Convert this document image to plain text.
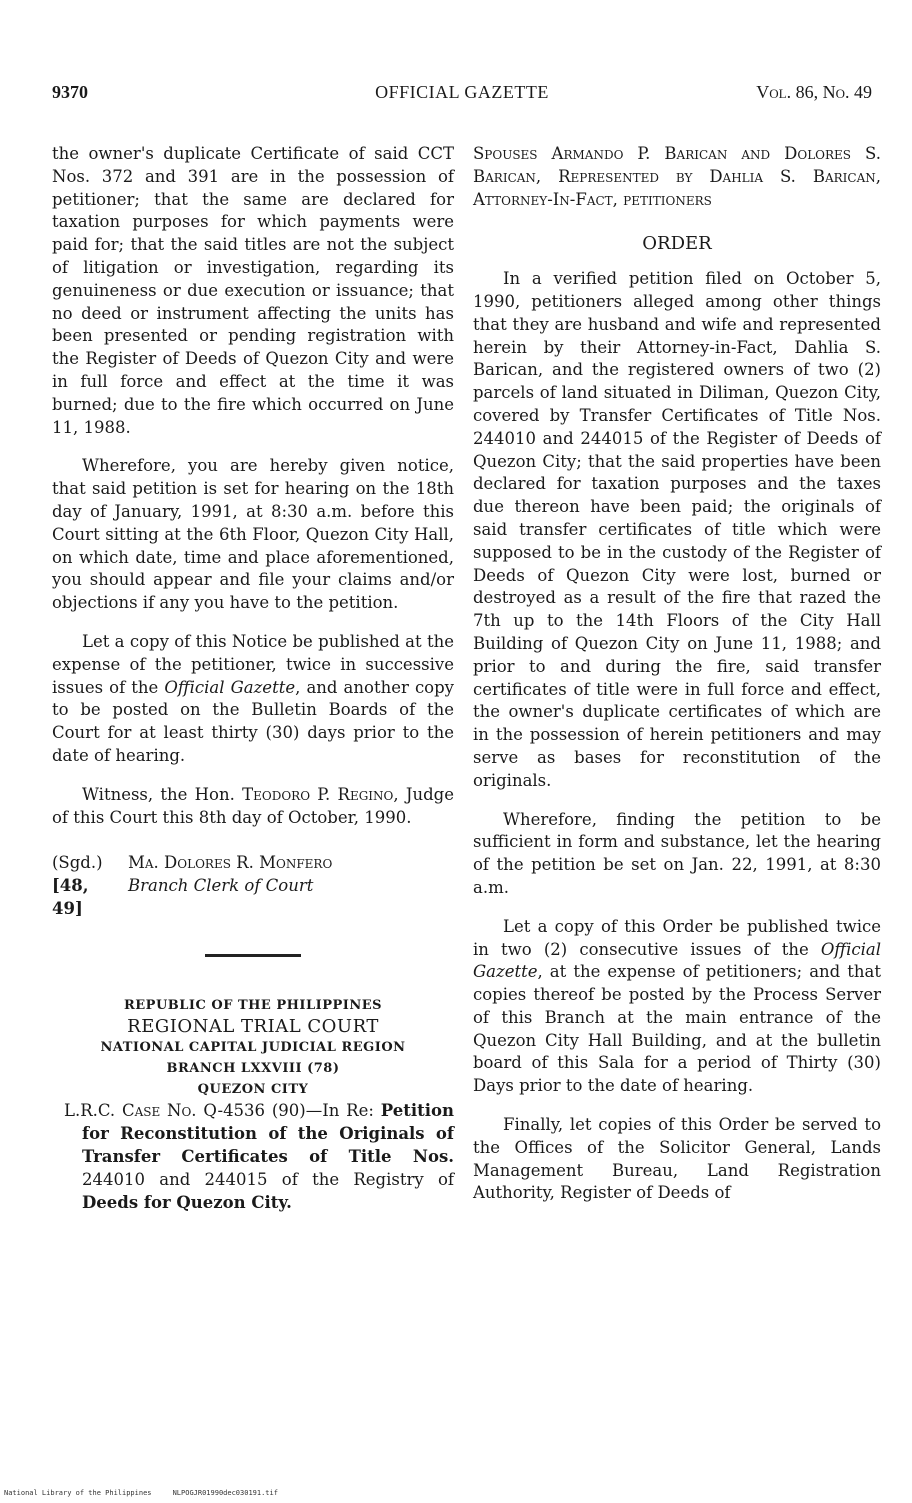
9370	OFFICIAL GAZETTE	Vol. 86, No. 49

the owner's duplicate Certificate of said CCT Nos. 372 and 391 are in the possession of petitioner; that the same are declared for taxation purposes for which payments were paid for; that the said titles are not the subject of litigation or investigation, regarding its genuineness or due execution or issuance; that no deed or instrument affecting the units has been presented or pending registration with the Register of Deeds of Quezon City and were in full force and effect at the time it was burned; due to the fire which occurred on June 11, 1988.

Wherefore, you are hereby given notice, that said petition is set for hearing on the 18th day of January, 1991, at 8:30 a.m. before this Court sitting at the 6th Floor, Quezon City Hall, on which date, time and place aforementioned, you should appear and file your claims and/or objections if any you have to the petition.

Let a copy of this Notice be published at the expense of the petitioner, twice in successive issues of the Official Gazette, and another copy to be posted on the Bulletin Boards of the Court for at least thirty (30) days prior to the date of hearing.

Witness, the Hon. Teodoro P. Regino, Judge of this Court this 8th day of October, 1990.

(Sgd.)	Ma. Dolores R. Monfero
[48, 49]
Branch Clerk of Court
REPUBLIC OF THE PHILIPPINES
REGIONAL TRIAL COURT
NATIONAL CAPITAL JUDICIAL REGION
BRANCH LXXVIII (78)
QUEZON CITY

L.R.C. Case No. Q-4536 (90)—In Re: Petition for Reconstitution of the Originals of Transfer Certificates of Title Nos. 244010 and 244015 of the Registry of Deeds for Quezon City.

Spouses Armando P. Barican and Dolores S. Barican, Represented by Dahlia S. Barican, Attorney-In-Fact, petitioners

ORDER

In a verified petition filed on October 5, 1990, petitioners alleged among other things that they are husband and wife and represented herein by their Attorney-in-Fact, Dahlia S. Barican, and the registered owners of two (2) parcels of land situated in Diliman, Quezon City, covered by Transfer Certificates of Title Nos. 244010 and 244015 of the Register of Deeds of Quezon City; that the said properties have been declared for taxation purposes and the taxes due thereon have been paid; the originals of said transfer certificates of title which were supposed to be in the custody of the Register of Deeds of Quezon City were lost, burned or destroyed as a result of the fire that razed the 7th up to the 14th Floors of the City Hall Building of Quezon City on June 11, 1988; and prior to and during the fire, said transfer certificates of title were in full force and effect, the owner's duplicate certificates of which are in the possession of herein petitioners and may serve as bases for reconstitution of the originals.

Wherefore, finding the petition to be sufficient in form and substance, let the hearing of the petition be set on Jan. 22, 1991, at 8:30 a.m.

Let a copy of this Order be published twice in two (2) consecutive issues of the Official Gazette, at the expense of petitioners; and that copies thereof be posted by the Process Server of this Branch at the main entrance of the Quezon City Hall Building, and at the bulletin board of this Sala for a period of Thirty (30) Days prior to the date of hearing.

Finally, let copies of this Order be served to the Offices of the Solicitor General, Lands Management Bureau, Land Registration Authority, Register of Deeds of

National Library of the Philippines	NLPOGJR01990dec030191.tif
